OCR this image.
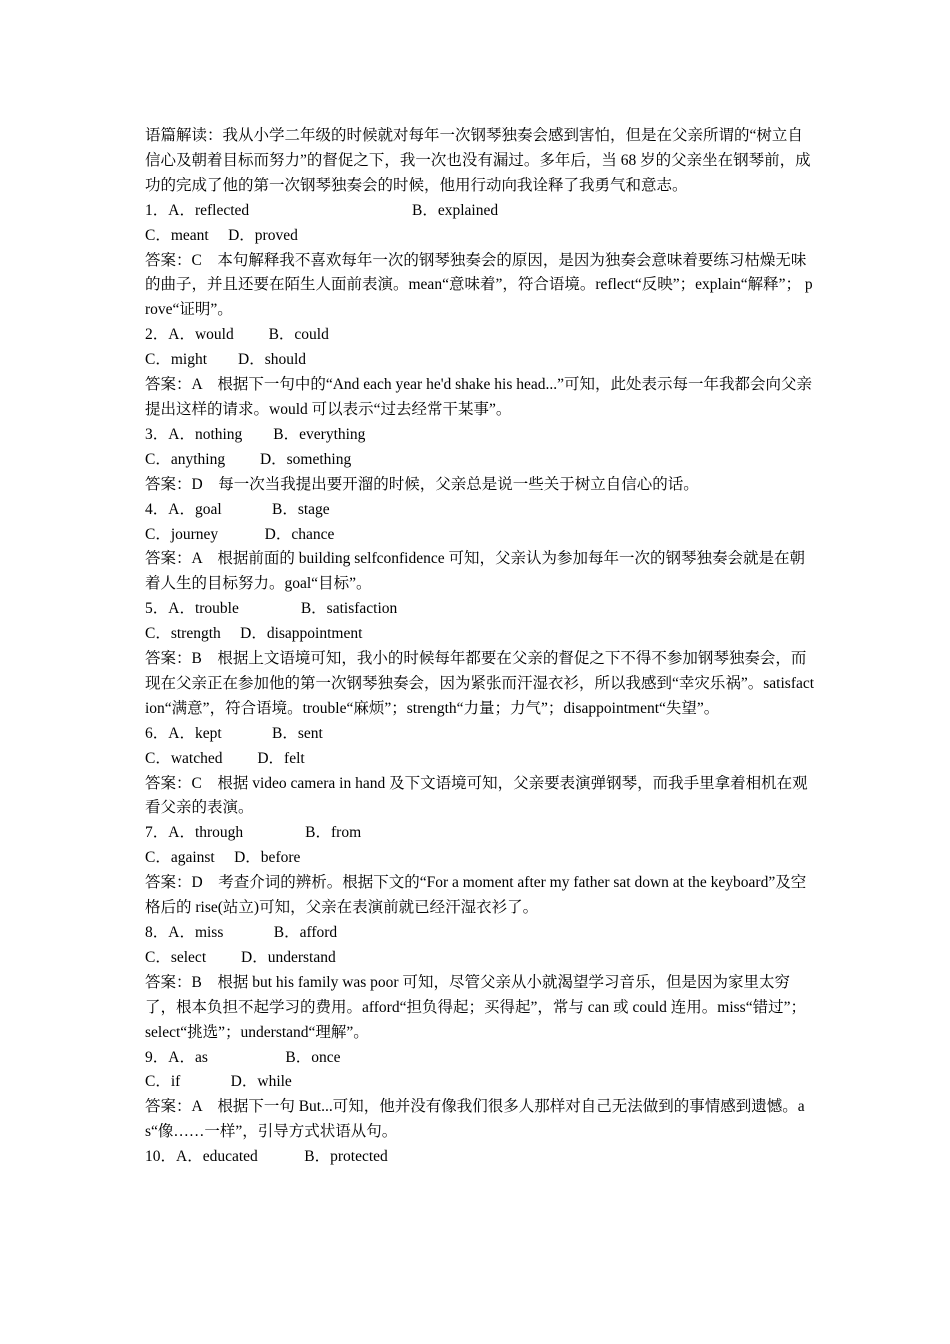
语篇解读：我从小学二年级的时候就对每年一次钢琴独奏会感到害怕，但是在父亲所谓的“树立自信心及朝着目标而努力”的督促之下，我一次也没有漏过。多年后，当 68 岁的父亲坐在钢琴前，成功的完成了他的第一次钢琴独奏会的时候，他用行动向我诠释了我勇气和意志。

1．A．reflected	B．explained

C．meant　 D．proved

答案：C　本句解释我不喜欢每年一次的钢琴独奏会的原因，是因为独奏会意味着要练习枯燥无味的曲子，并且还要在陌生人面前表演。mean“意味着”，符合语境。reflect“反映”；explain“解释”； prove“证明”。

2．A．would　　 B．could

C．might　　D．should

答案：A　根据下一句中的“And each year he'd shake his head...”可知，此处表示每一年我都会向父亲提出这样的请求。would 可以表示“过去经常干某事”。

3．A．nothing　　B．everything

C．anything　　 D．something

答案：D　每一次当我提出要开溜的时候，父亲总是说一些关于树立自信心的话。

4．A．goal　　　 B．stage

C．journey　　　D．chance

答案：A　根据前面的 building selfconfidence 可知，父亲认为参加每年一次的钢琴独奏会就是在朝着人生的目标努力。goal“目标”。

5．A．trouble　　　　B．satisfaction

C．strength　 D．disappointment

答案：B　根据上文语境可知，我小的时候每年都要在父亲的督促之下不得不参加钢琴独奏会，而现在父亲正在参加他的第一次钢琴独奏会，因为紧张而汗湿衣衫，所以我感到“幸灾乐祸”。satisfaction“满意”，符合语境。trouble“麻烦”；strength“力量；力气”；disappointment“失望”。

6．A．kept　　　 B．sent

C．watched　　 D．felt

答案：C　根据 video camera in hand 及下文语境可知，父亲要表演弹钢琴，而我手里拿着相机在观看父亲的表演。

7．A．through　　　　B．from

C．against　 D．before

答案：D　考查介词的辨析。根据下文的“For a moment after my father sat down at the keyboard”及空格后的 rise(站立)可知，父亲在表演前就已经汗湿衣衫了。

8．A．miss　　　 B．afford

C．select　　 D．understand

答案：B　根据 but his family was poor 可知，尽管父亲从小就渴望学习音乐，但是因为家里太穷了，根本负担不起学习的费用。afford“担负得起；买得起”，常与 can 或 could 连用。miss“错过”； select“挑选”；understand“理解”。

9．A．as　　　　　B．once

C．if　　　 D．while

答案：A　根据下一句 But...可知，他并没有像我们很多人那样对自己无法做到的事情感到遗憾。as“像……一样”，引导方式状语从句。

10．A．educated　　　B．protected
